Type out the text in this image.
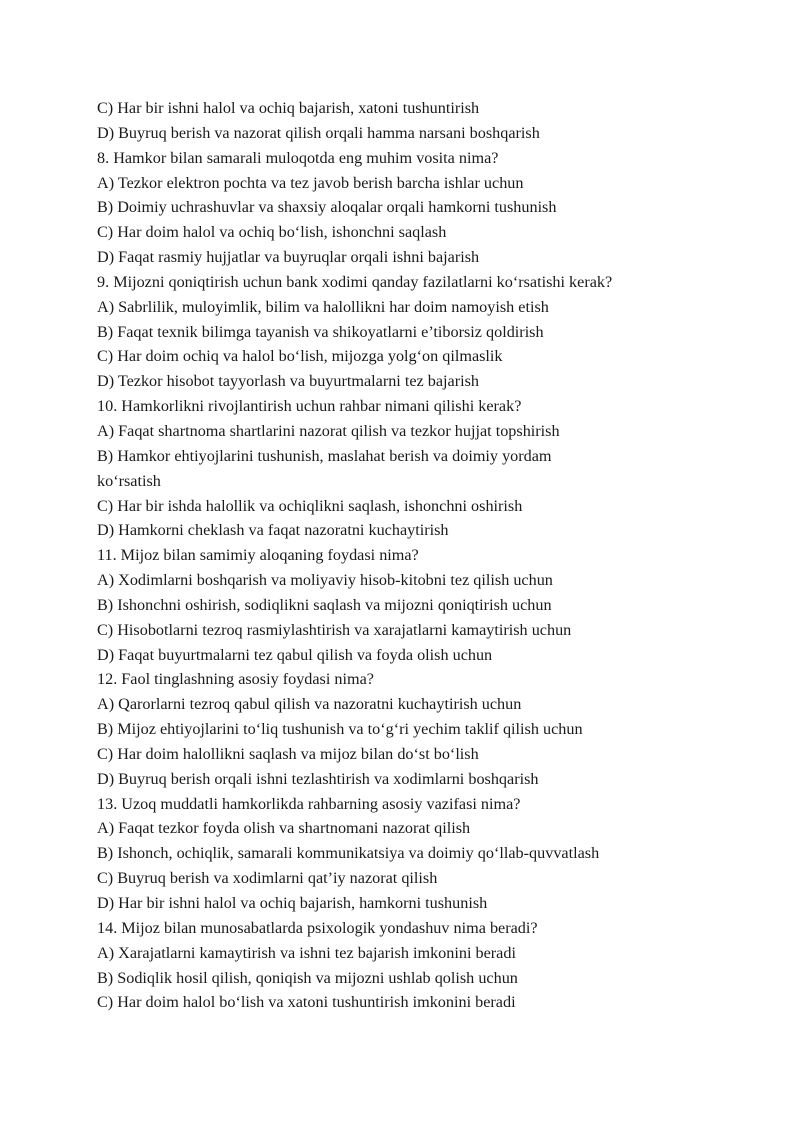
C) Har bir ishni halol va ochiq bajarish, xatoni tushuntirish
D) Buyruq berish va nazorat qilish orqali hamma narsani boshqarish
8. Hamkor bilan samarali muloqotda eng muhim vosita nima?
A) Tezkor elektron pochta va tez javob berish barcha ishlar uchun
B) Doimiy uchrashuvlar va shaxsiy aloqalar orqali hamkorni tushunish
C) Har doim halol va ochiq bo‘lish, ishonchni saqlash
D) Faqat rasmiy hujjatlar va buyruqlar orqali ishni bajarish
9. Mijozni qoniqtirish uchun bank xodimi qanday fazilatlarni ko‘rsatishi kerak?
A) Sabrlilik, muloyimlik, bilim va halollikni har doim namoyish etish
B) Faqat texnik bilimga tayanish va shikoyatlarni e’tiborsiz qoldirish
C) Har doim ochiq va halol bo‘lish, mijozga yolg‘on qilmaslik
D) Tezkor hisobot tayyorlash va buyurtmalarni tez bajarish
10. Hamkorlikni rivojlantirish uchun rahbar nimani qilishi kerak?
A) Faqat shartnoma shartlarini nazorat qilish va tezkor hujjat topshirish
B) Hamkor ehtiyojlarini tushunish, maslahat berish va doimiy yordam
ko‘rsatish
C) Har bir ishda halollik va ochiqlikni saqlash, ishonchni oshirish
D) Hamkorni cheklash va faqat nazoratni kuchaytirish
11. Mijoz bilan samimiy aloqaning foydasi nima?
A) Xodimlarni boshqarish va moliyaviy hisob-kitobni tez qilish uchun
B) Ishonchni oshirish, sodiqlikni saqlash va mijozni qoniqtirish uchun
C) Hisobotlarni tezroq rasmiylashtirish va xarajatlarni kamaytirish uchun
D) Faqat buyurtmalarni tez qabul qilish va foyda olish uchun
12. Faol tinglashning asosiy foydasi nima?
A) Qarorlarni tezroq qabul qilish va nazoratni kuchaytirish uchun
B) Mijoz ehtiyojlarini to‘liq tushunish va to‘g‘ri yechim taklif qilish uchun
C) Har doim halollikni saqlash va mijoz bilan do‘st bo‘lish
D) Buyruq berish orqali ishni tezlashtirish va xodimlarni boshqarish
13. Uzoq muddatli hamkorlikda rahbarning asosiy vazifasi nima?
A) Faqat tezkor foyda olish va shartnomani nazorat qilish
B) Ishonch, ochiqlik, samarali kommunikatsiya va doimiy qo‘llab-quvvatlash
C) Buyruq berish va xodimlarni qat’iy nazorat qilish
D) Har bir ishni halol va ochiq bajarish, hamkorni tushunish
14. Mijoz bilan munosabatlarda psixologik yondashuv nima beradi?
A) Xarajatlarni kamaytirish va ishni tez bajarish imkonini beradi
B) Sodiqlik hosil qilish, qoniqish va mijozni ushlab qolish uchun
C) Har doim halol bo‘lish va xatoni tushuntirish imkonini beradi
